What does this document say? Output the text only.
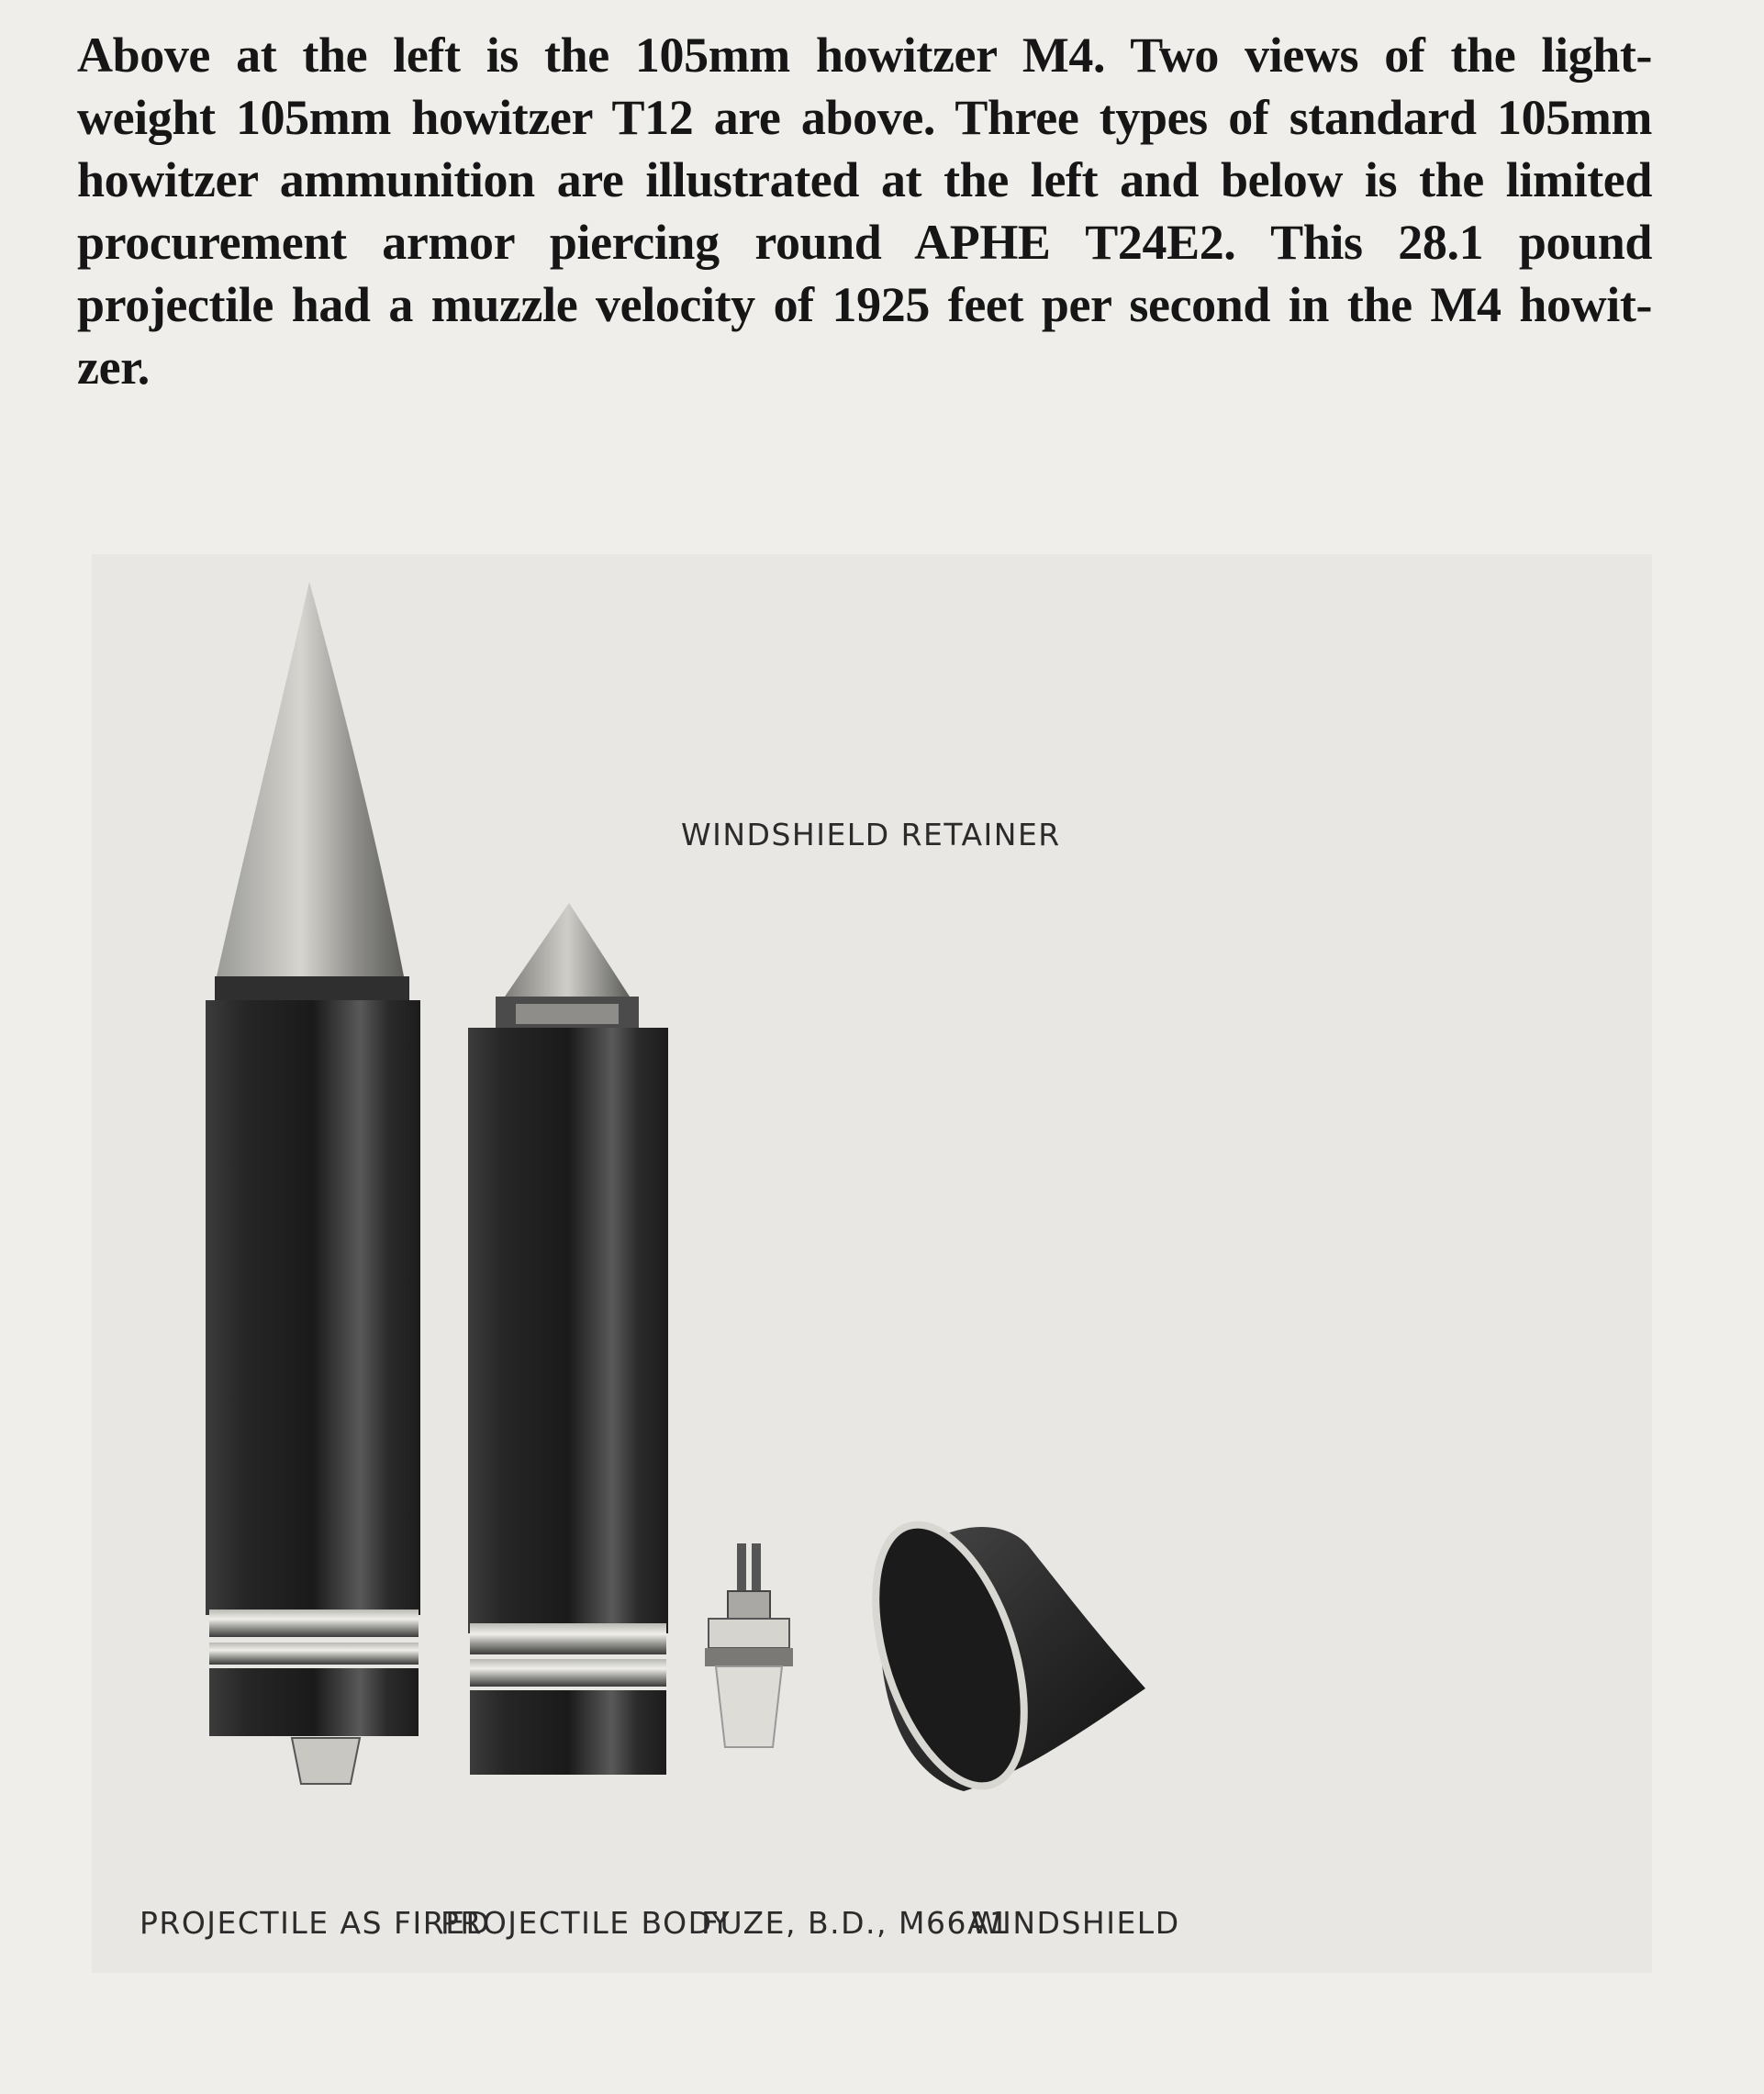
Above at the left is the 105mm howitzer M4. Two views of the light-
weight 105mm howitzer T12 are above. Three types of standard 105mm
howitzer ammunition are illustrated at the left and below is the limited
procurement armor piercing round APHE T24E2. This 28.1 pound
projectile had a muzzle velocity of 1925 feet per second in the M4 howit-
zer.
WINDSHIELD RETAINER
PROJECTILE AS FIRED
PROJECTILE BODY
FUZE, B.D., M66A1
WINDSHIELD
